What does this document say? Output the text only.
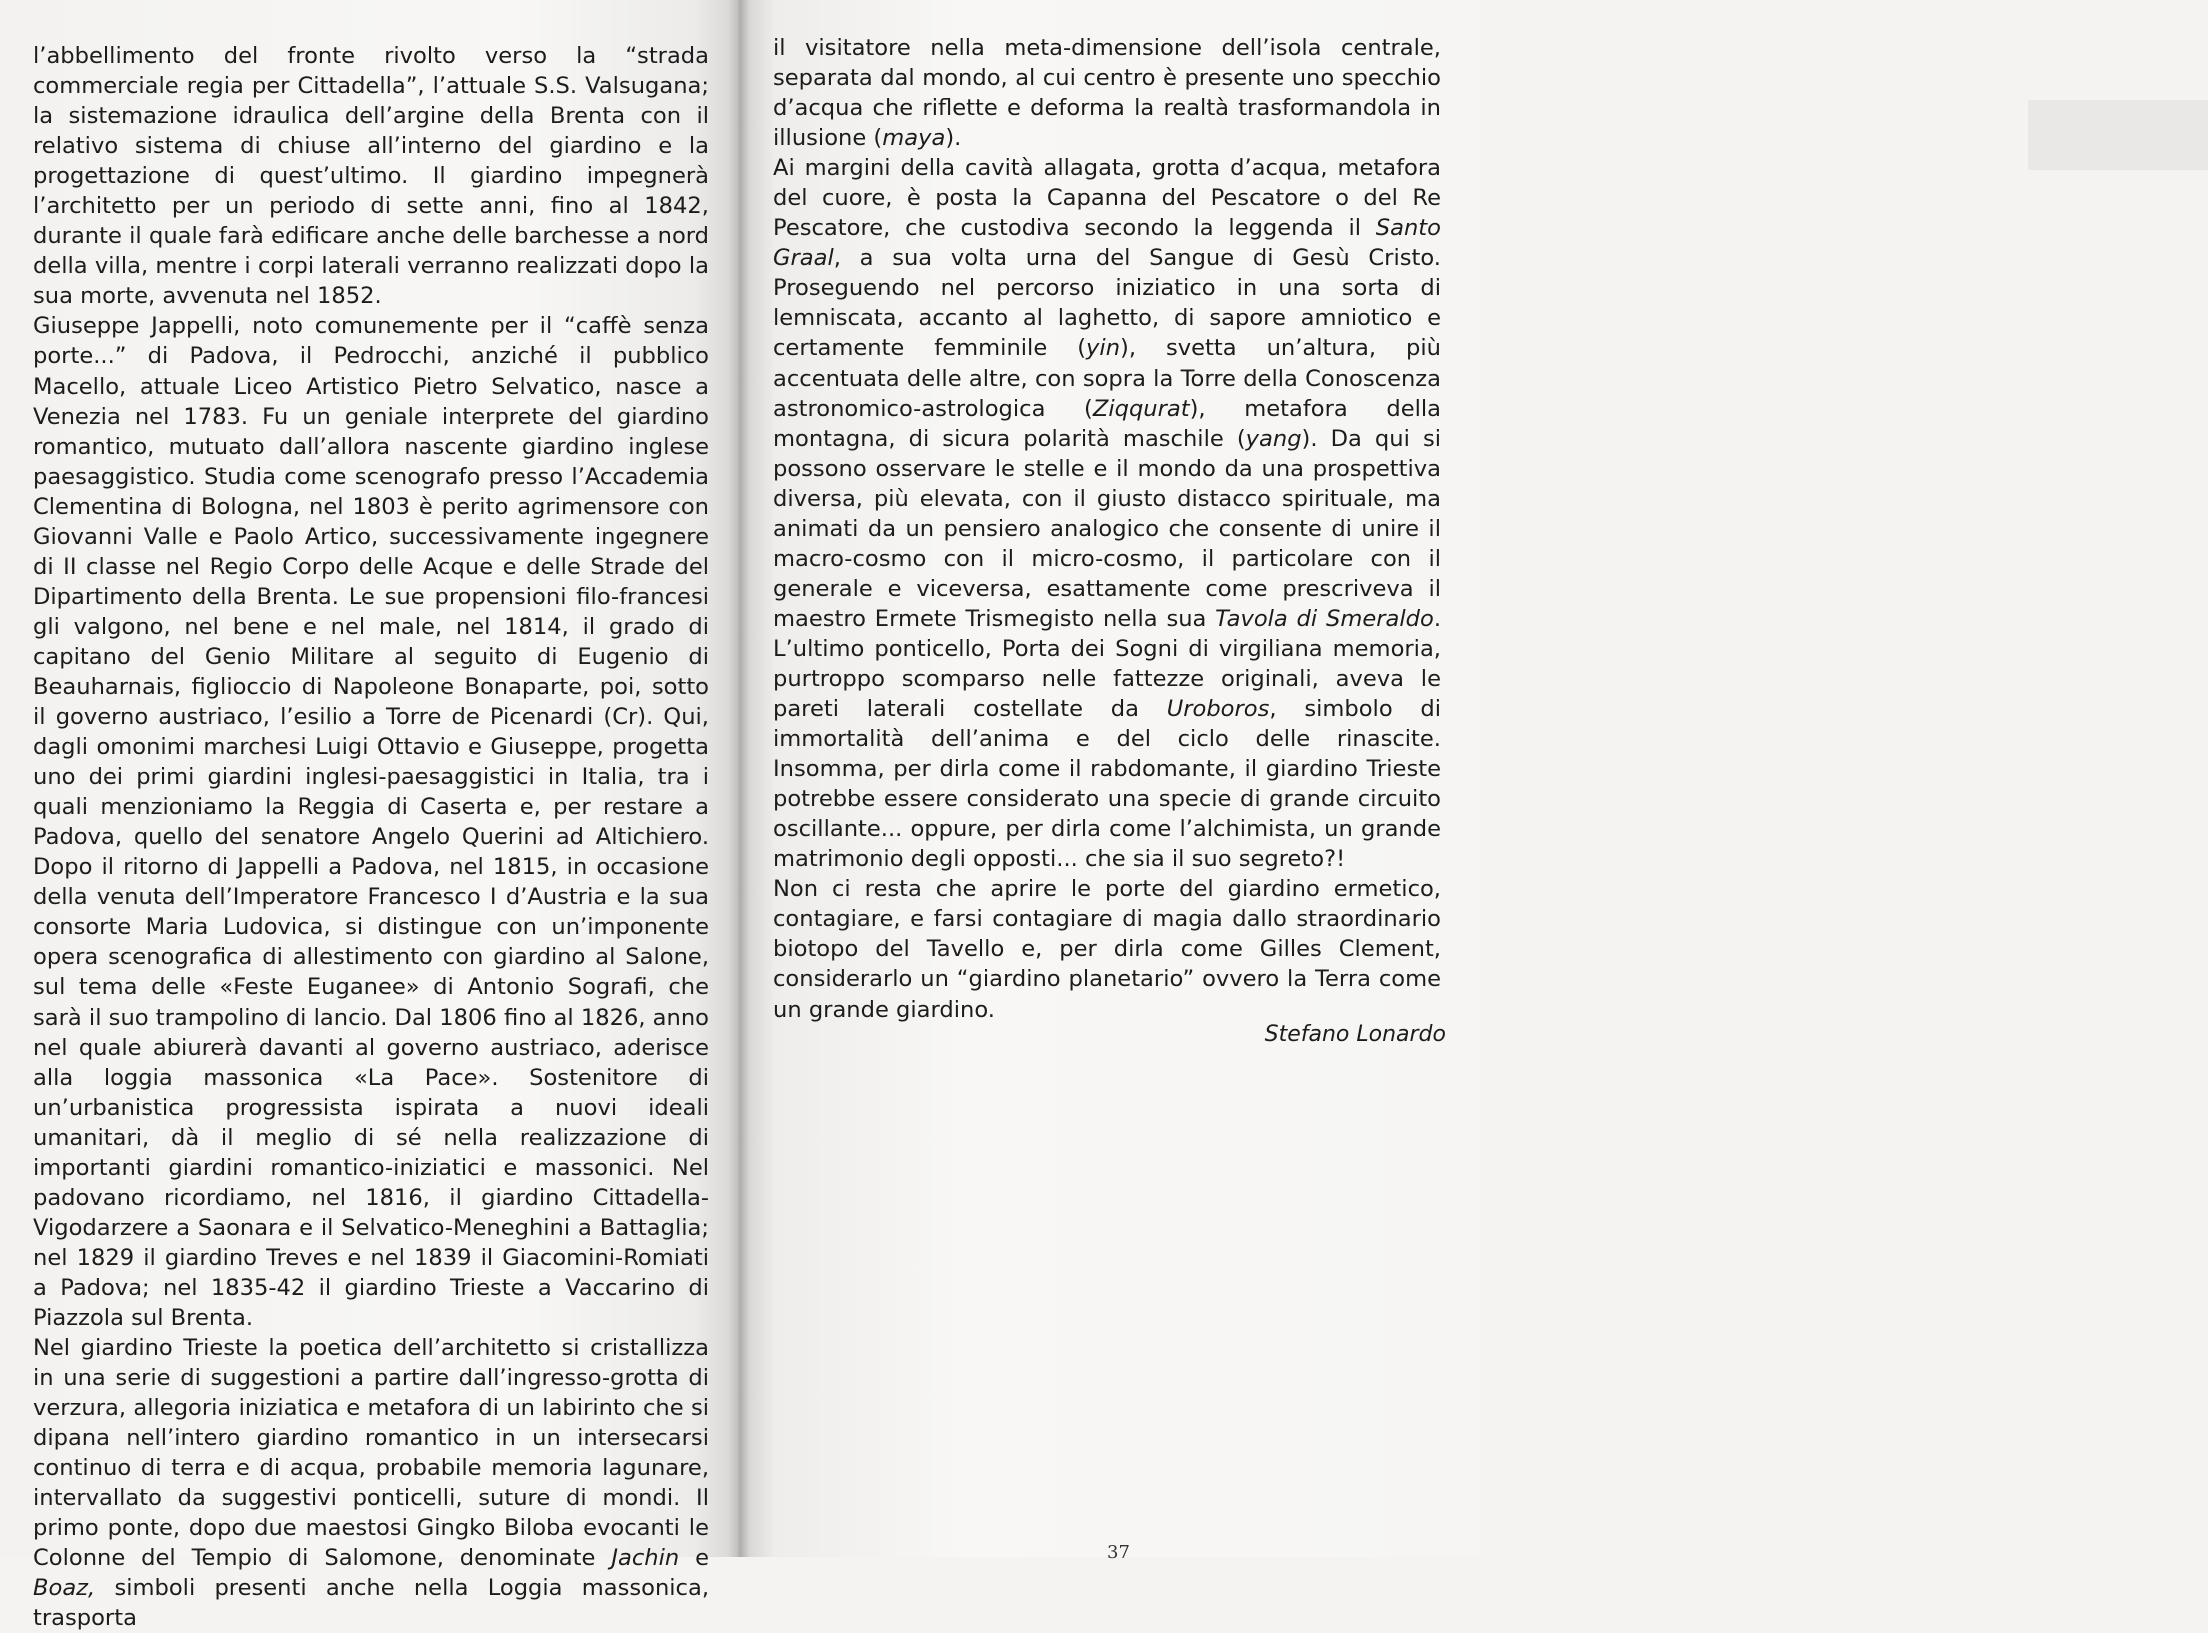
l’abbellimento del fronte rivolto verso la “strada commerciale regia per Cittadella”, l’attuale S.S. Valsugana; la sistemazione idraulica dell’argine della Brenta con il relativo sistema di chiuse all’interno del giardino e la progettazione di quest’ultimo. Il giardino impegnerà l’architetto per un periodo di sette anni, fino al 1842, durante il quale farà edificare anche delle barchesse a nord della villa, mentre i corpi laterali verranno realizzati dopo la sua morte, avvenuta nel 1852.

Giuseppe Jappelli, noto comunemente per il “caffè senza porte...” di Padova, il Pedrocchi, anziché il pubblico Macello, attuale Liceo Artistico Pietro Selvatico, nasce a Venezia nel 1783. Fu un geniale interprete del giardino romantico, mutuato dall’allora nascente giardino inglese paesaggistico. Studia come scenografo presso l’Accademia Clementina di Bologna, nel 1803 è perito agrimensore con Giovanni Valle e Paolo Artico, successivamente ingegnere di II classe nel Regio Corpo delle Acque e delle Strade del Dipartimento della Brenta. Le sue propensioni filo-francesi gli valgono, nel bene e nel male, nel 1814, il grado di capitano del Genio Militare al seguito di Eugenio di Beauharnais, figlioccio di Napoleone Bonaparte, poi, sotto il governo austriaco, l’esilio a Torre de Picenardi (Cr). Qui, dagli omonimi marchesi Luigi Ottavio e Giuseppe, progetta uno dei primi giardini inglesi-paesaggistici in Italia, tra i quali menzioniamo la Reggia di Caserta e, per restare a Padova, quello del senatore Angelo Querini ad Altichiero. Dopo il ritorno di Jappelli a Padova, nel 1815, in occasione della venuta dell’Imperatore Francesco I d’Austria e la sua consorte Maria Ludovica, si distingue con un’imponente opera scenografica di allestimento con giardino al Salone, sul tema delle «Feste Euganee» di Antonio Sografi, che sarà il suo trampolino di lancio. Dal 1806 fino al 1826, anno nel quale abiurerà davanti al governo austriaco, aderisce alla loggia massonica «La Pace». Sostenitore di un’urbanistica progressista ispirata a nuovi ideali umanitari, dà il meglio di sé nella realizzazione di importanti giardini romantico-iniziatici e massonici. Nel padovano ricordiamo, nel 1816, il giardino Cittadella-Vigodarzere a Saonara e il Selvatico-Meneghini a Battaglia; nel 1829 il giardino Treves e nel 1839 il Giacomini-Romiati a Padova; nel 1835-42 il giardino Trieste a Vaccarino di Piazzola sul Brenta.

Nel giardino Trieste la poetica dell’architetto si cristallizza in una serie di suggestioni a partire dall’ingresso-grotta di verzura, allegoria iniziatica e metafora di un labirinto che si dipana nell’intero giardino romantico in un intersecarsi continuo di terra e di acqua, probabile memoria lagunare, intervallato da suggestivi ponticelli, suture di mondi. Il primo ponte, dopo due maestosi Gingko Biloba evocanti le Colonne del Tempio di Salomone, denominate Jachin e Boaz, simboli presenti anche nella Loggia massonica, trasporta

il visitatore nella meta-dimensione dell’isola centrale, separata dal mondo, al cui centro è presente uno specchio d’acqua che riflette e deforma la realtà trasformandola in illusione (maya).

Ai margini della cavità allagata, grotta d’acqua, metafora del cuore, è posta la Capanna del Pescatore o del Re Pescatore, che custodiva secondo la leggenda il Santo Graal, a sua volta urna del Sangue di Gesù Cristo. Proseguendo nel percorso iniziatico in una sorta di lemniscata, accanto al laghetto, di sapore amniotico e certamente femminile (yin), svetta un’altura, più accentuata delle altre, con sopra la Torre della Conoscenza astronomico-astrologica (Ziqqurat), metafora della montagna, di sicura polarità maschile (yang). Da qui si possono osservare le stelle e il mondo da una prospettiva diversa, più elevata, con il giusto distacco spirituale, ma animati da un pensiero analogico che consente di unire il macro-cosmo con il micro-cosmo, il particolare con il generale e viceversa, esattamente come prescriveva il maestro Ermete Trismegisto nella sua Tavola di Smeraldo. L’ultimo ponticello, Porta dei Sogni di virgiliana memoria, purtroppo scomparso nelle fattezze originali, aveva le pareti laterali costellate da Uroboros, simbolo di immortalità dell’anima e del ciclo delle rinascite. Insomma, per dirla come il rabdomante, il giardino Trieste potrebbe essere considerato una specie di grande circuito oscillante... oppure, per dirla come l’alchimista, un grande matrimonio degli opposti... che sia il suo segreto?!

Non ci resta che aprire le porte del giardino ermetico, contagiare, e farsi contagiare di magia dallo straordinario biotopo del Tavello e, per dirla come Gilles Clement, considerarlo un “giardino planetario” ovvero la Terra come un grande giardino.

Stefano Lonardo
37
